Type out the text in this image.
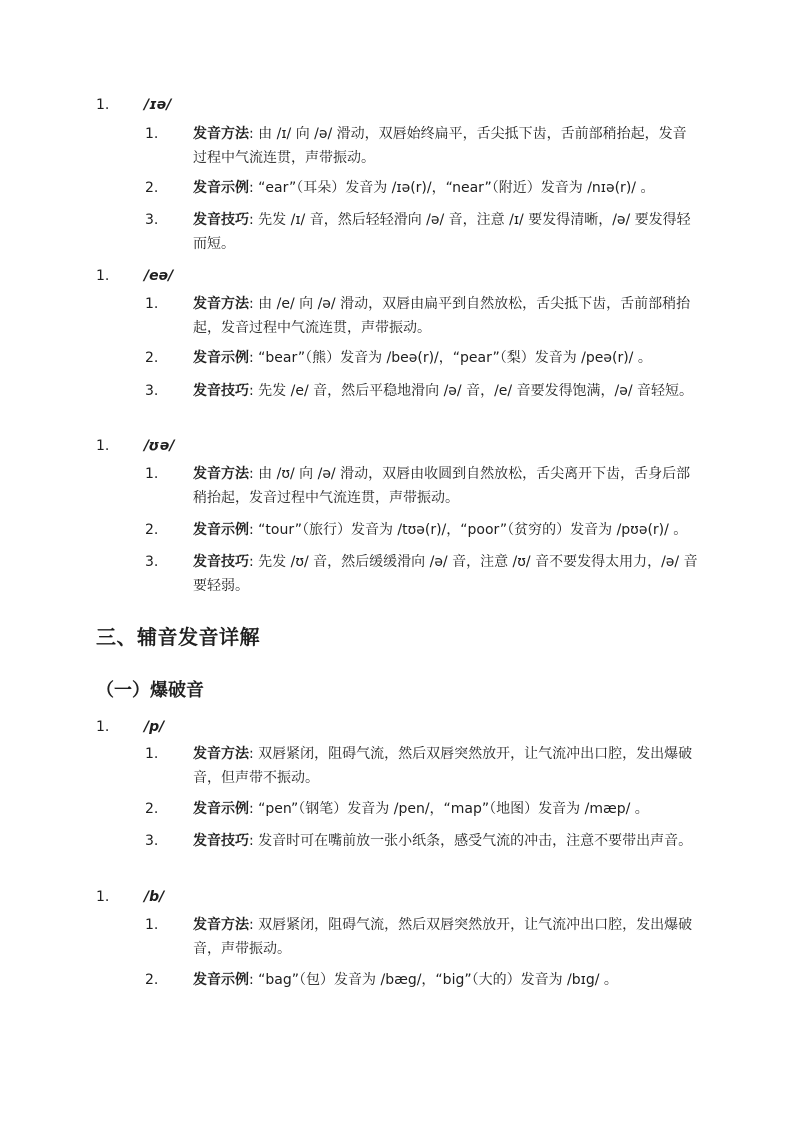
1. /ɪə/
1. 发音方法: 由 /ɪ/ 向 /ə/ 滑动，双唇始终扁平，舌尖抵下齿，舌前部稍抬起，发音过程中气流连贯，声带振动。
2. 发音示例: “ear”（耳朵）发音为 /ɪə(r)/，“near”（附近）发音为 /nɪə(r)/ 。
3. 发音技巧: 先发 /ɪ/ 音，然后轻轻滑向 /ə/ 音，注意 /ɪ/ 要发得清晰，/ə/ 要发得轻而短。
1. /eə/
1. 发音方法: 由 /e/ 向 /ə/ 滑动，双唇由扁平到自然放松，舌尖抵下齿，舌前部稍抬起，发音过程中气流连贯，声带振动。
2. 发音示例: “bear”（熊）发音为 /beə(r)/，“pear”（梨）发音为 /peə(r)/ 。
3. 发音技巧: 先发 /e/ 音，然后平稳地滑向 /ə/ 音，/e/ 音要发得饱满，/ə/ 音轻短。
1. /ʊə/
1. 发音方法: 由 /ʊ/ 向 /ə/ 滑动，双唇由收圆到自然放松，舌尖离开下齿，舌身后部稍抬起，发音过程中气流连贯，声带振动。
2. 发音示例: “tour”（旅行）发音为 /tʊə(r)/，“poor”（贫穷的）发音为 /pʊə(r)/ 。
3. 发音技巧: 先发 /ʊ/ 音，然后缓缓滑向 /ə/ 音，注意 /ʊ/ 音不要发得太用力，/ə/ 音要轻弱。
三、辅音发音详解
（一）爆破音
1. /p/
1. 发音方法: 双唇紧闭，阻碍气流，然后双唇突然放开，让气流冲出口腔，发出爆破音，但声带不振动。
2. 发音示例: “pen”（钢笔）发音为 /pen/，“map”（地图）发音为 /mæp/ 。
3. 发音技巧: 发音时可在嘴前放一张小纸条，感受气流的冲击，注意不要带出声音。
1. /b/
1. 发音方法: 双唇紧闭，阻碍气流，然后双唇突然放开，让气流冲出口腔，发出爆破音，声带振动。
2. 发音示例: “bag”（包）发音为 /bæg/，“big”（大的）发音为 /bɪg/ 。
